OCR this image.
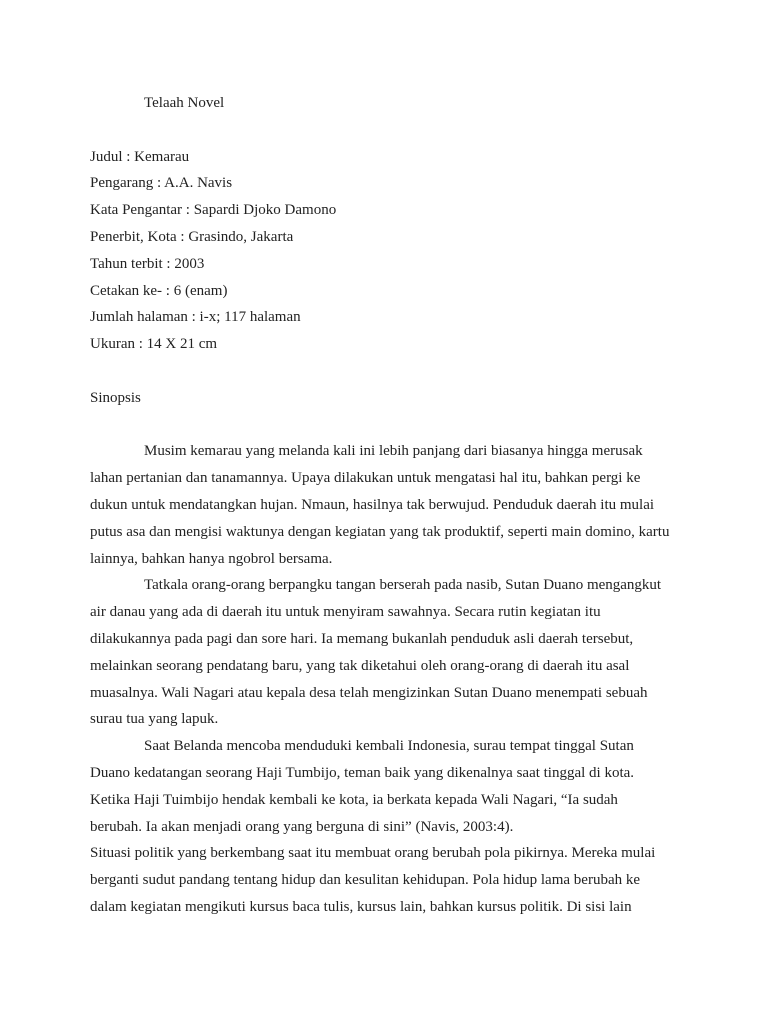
Telaah Novel

Judul : Kemarau
Pengarang : A.A. Navis
Kata Pengantar : Sapardi Djoko Damono
Penerbit, Kota : Grasindo, Jakarta
Tahun terbit : 2003
Cetakan ke- : 6 (enam)
Jumlah halaman : i-x; 117 halaman
Ukuran : 14 X 21 cm

Sinopsis

Musim kemarau yang melanda kali ini lebih panjang dari biasanya hingga merusak
lahan pertanian dan tanamannya. Upaya dilakukan untuk mengatasi hal itu, bahkan pergi ke
dukun untuk mendatangkan hujan. Nmaun, hasilnya tak berwujud. Penduduk daerah itu mulai
putus asa dan mengisi waktunya dengan kegiatan yang tak produktif, seperti main domino, kartu
lainnya, bahkan hanya ngobrol bersama.

Tatkala orang-orang berpangku tangan berserah pada nasib, Sutan Duano mengangkut
air danau yang ada di daerah itu untuk menyiram sawahnya. Secara rutin kegiatan itu
dilakukannya pada pagi dan sore hari. Ia memang bukanlah penduduk asli daerah tersebut,
melainkan seorang pendatang baru, yang tak diketahui oleh orang-orang di daerah itu asal
muasalnya. Wali Nagari atau kepala desa telah mengizinkan Sutan Duano menempati sebuah
surau tua yang lapuk.

Saat Belanda mencoba menduduki kembali Indonesia, surau tempat tinggal Sutan
Duano kedatangan seorang Haji Tumbijo, teman baik yang dikenalnya saat tinggal di kota.
Ketika Haji Tuimbijo hendak kembali ke kota, ia berkata kepada Wali Nagari, “Ia sudah
berubah. Ia akan menjadi orang yang berguna di sini” (Navis, 2003:4).

Situasi politik yang berkembang saat itu membuat orang berubah pola pikirnya. Mereka mulai
berganti sudut pandang tentang hidup dan kesulitan kehidupan. Pola hidup lama berubah ke
dalam kegiatan mengikuti kursus baca tulis, kursus lain, bahkan kursus politik. Di sisi lain
